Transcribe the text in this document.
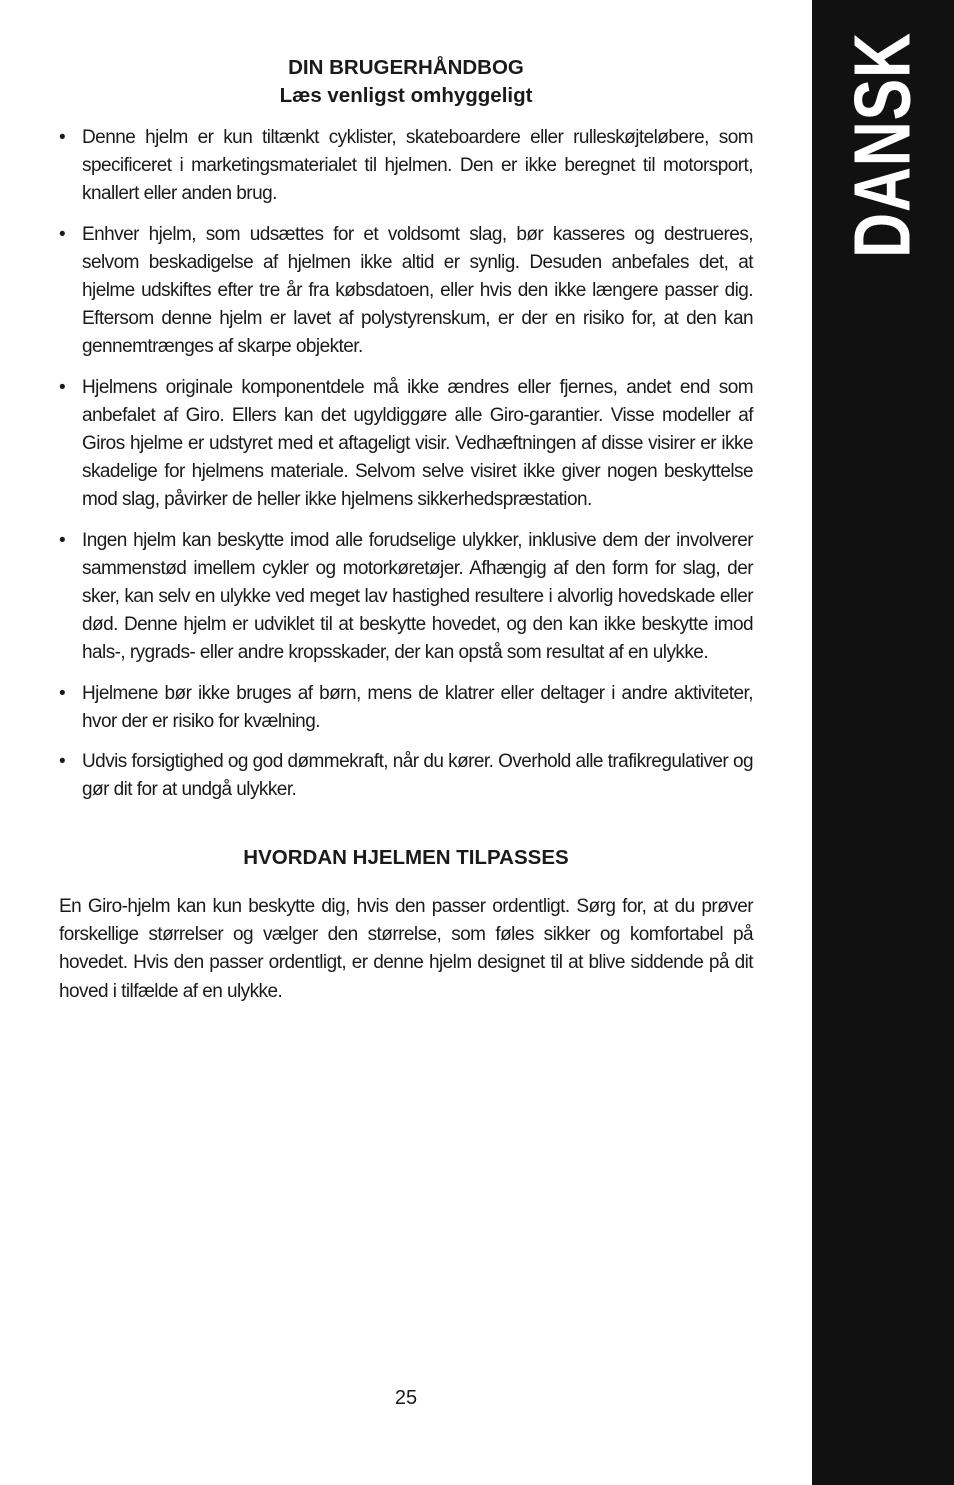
DANSK

DIN BRUGERHÅNDBOG

Læs venligst omhyggeligt

• Denne hjelm er kun tiltænkt cyklister, skateboardere eller rulleskøjteløbere, som specificeret i marketingsmaterialet til hjelmen. Den er ikke beregnet til motorsport, knallert eller anden brug.

• Enhver hjelm, som udsættes for et voldsomt slag, bør kasseres og destrueres, selvom beskadigelse af hjelmen ikke altid er synlig. Desuden anbefales det, at hjelme udskiftes efter tre år fra købsdatoen, eller hvis den ikke længere passer dig. Eftersom denne hjelm er lavet af polystyrenskum, er der en risiko for, at den kan gennemtrænges af skarpe objekter.

• Hjelmens originale komponentdele må ikke ændres eller fjernes, andet end som anbefalet af Giro. Ellers kan det ugyldiggøre alle Giro-garantier. Visse modeller af Giros hjelme er udstyret med et aftageligt visir. Vedhæftningen af disse visirer er ikke skadelige for hjelmens materiale. Selvom selve visiret ikke giver nogen beskyttelse mod slag, påvirker de heller ikke hjelmens sikkerhedspræstation.

• Ingen hjelm kan beskytte imod alle forudselige ulykker, inklusive dem der involverer sammenstød imellem cykler og motorkøretøjer. Afhængig af den form for slag, der sker, kan selv en ulykke ved meget lav hastighed resultere i alvorlig hovedskade eller død. Denne hjelm er udviklet til at beskytte hovedet, og den kan ikke beskytte imod hals-, rygrads- eller andre kropsskader, der kan opstå som resultat af en ulykke.

• Hjelmene bør ikke bruges af børn, mens de klatrer eller deltager i andre aktiviteter, hvor der er risiko for kvælning.

• Udvis forsigtighed og god dømmekraft, når du kører. Overhold alle trafikregulativer og gør dit for at undgå ulykker.

HVORDAN HJELMEN TILPASSES

En Giro-hjelm kan kun beskytte dig, hvis den passer ordentligt. Sørg for, at du prøver forskellige størrelser og vælger den størrelse, som føles sikker og komfortabel på hovedet. Hvis den passer ordentligt, er denne hjelm designet til at blive siddende på dit hoved i tilfælde af en ulykke.

25
